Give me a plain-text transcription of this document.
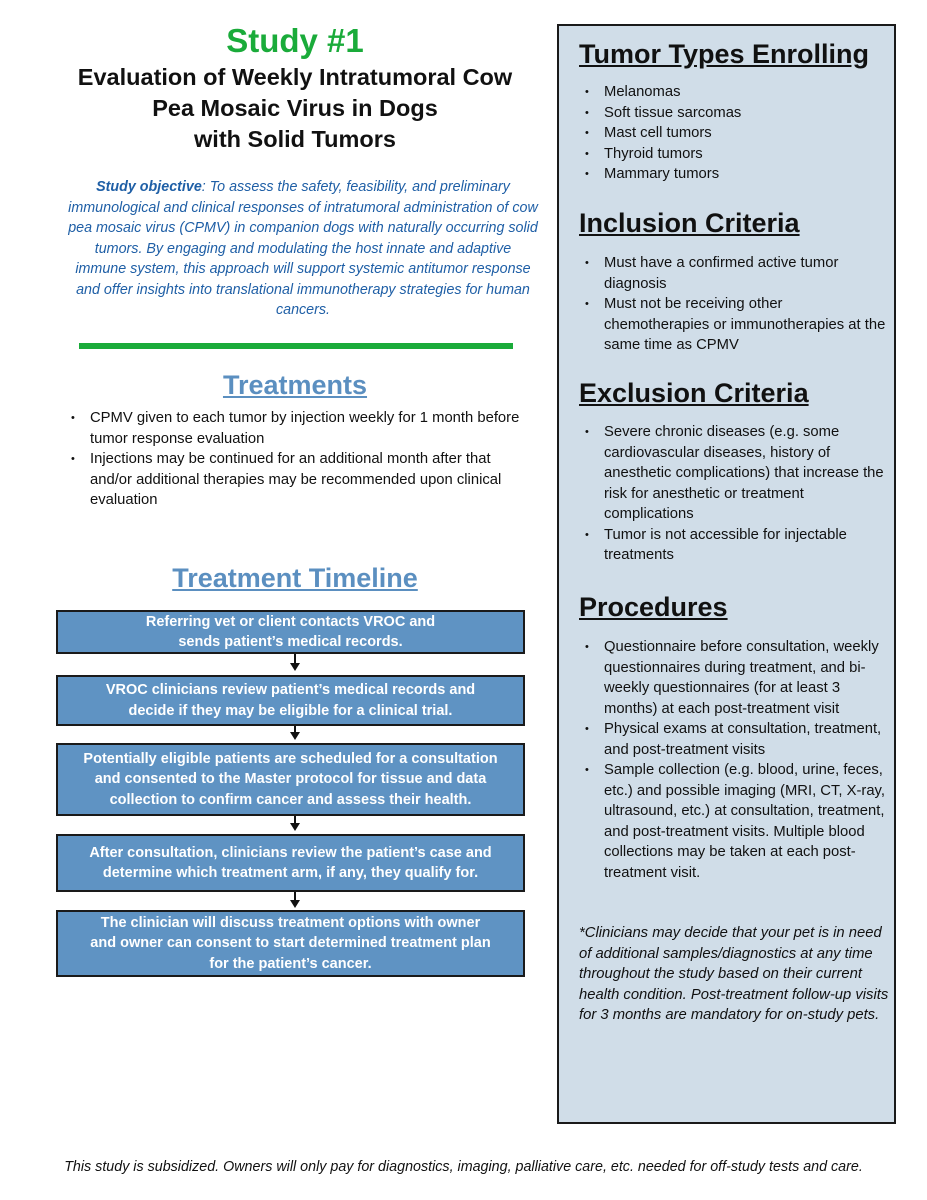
Study #1
Evaluation of Weekly Intratumoral Cow
Pea Mosaic Virus in Dogs
with Solid Tumors

Study objective: To assess the safety, feasibility, and preliminary immunological and clinical responses of intratumoral administration of cow pea mosaic virus (CPMV) in companion dogs with naturally occurring solid tumors. By engaging and modulating the host innate and adaptive immune system, this approach will support systemic antitumor response and offer insights into translational immunotherapy strategies for human cancers.

Treatments
• CPMV given to each tumor by injection weekly for 1 month before tumor response evaluation
• Injections may be continued for an additional month after that and/or additional therapies may be recommended upon clinical evaluation
Treatment Timeline
Referring vet or client contacts VROC and sends patient’s medical records.
VROC clinicians review patient’s medical records and decide if they may be eligible for a clinical trial.
Potentially eligible patients are scheduled for a consultation and consented to the Master protocol for tissue and data collection to confirm cancer and assess their health.
After consultation, clinicians review the patient’s case and determine which treatment arm, if any, they qualify for.
The clinician will discuss treatment options with owner and owner can consent to start determined treatment plan for the patient’s cancer.
Tumor Types Enrolling
• Melanomas
• Soft tissue sarcomas
• Mast cell tumors
• Thyroid tumors
• Mammary tumors
Inclusion Criteria
• Must have a confirmed active tumor diagnosis
• Must not be receiving other chemotherapies or immunotherapies at the same time as CPMV
Exclusion Criteria
• Severe chronic diseases (e.g. some cardiovascular diseases, history of anesthetic complications) that increase the risk for anesthetic or treatment complications
• Tumor is not accessible for injectable treatments
Procedures
• Questionnaire before consultation, weekly questionnaires during treatment, and bi-weekly questionnaires (for at least 3 months) at each post-treatment visit
• Physical exams at consultation, treatment, and post-treatment visits
• Sample collection (e.g. blood, urine, feces, etc.) and possible imaging (MRI, CT, X-ray, ultrasound, etc.) at consultation, treatment, and post-treatment visits. Multiple blood collections may be taken at each post-treatment visit.

*Clinicians may decide that your pet is in need of additional samples/diagnostics at any time throughout the study based on their current health condition. Post-treatment follow-up visits for 3 months are mandatory for on-study pets.

This study is subsidized. Owners will only pay for diagnostics, imaging, palliative care, etc. needed for off-study tests and care.
